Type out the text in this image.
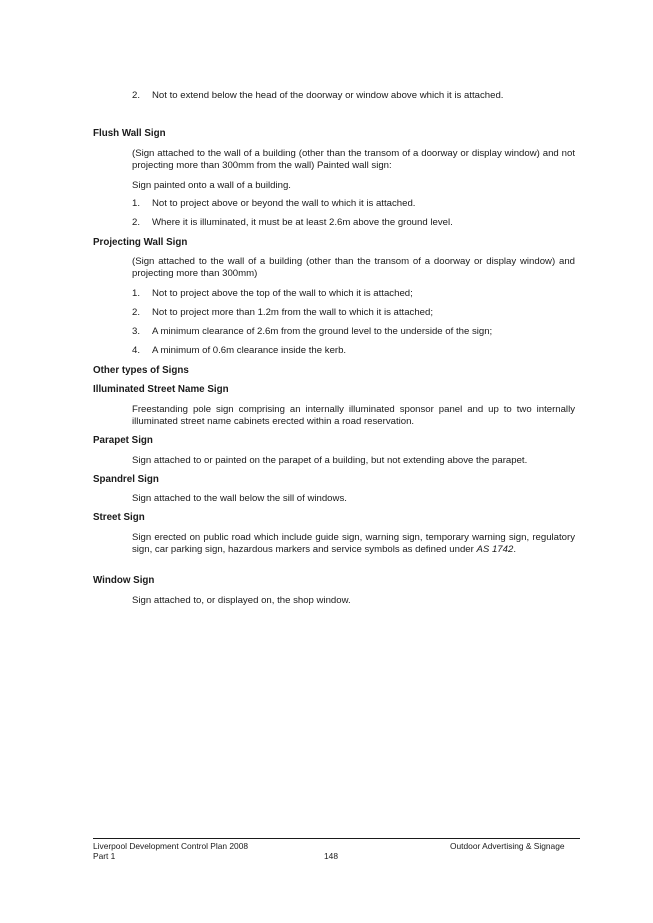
2. Not to extend below the head of the doorway or window above which it is attached.
Flush Wall Sign

(Sign attached to the wall of a building (other than the transom of a doorway or display window) and not projecting more than 300mm from the wall) Painted wall sign:

Sign painted onto a wall of a building.

1. Not to project above or beyond the wall to which it is attached.
2. Where it is illuminated, it must be at least 2.6m above the ground level.
Projecting Wall Sign

(Sign attached to the wall of a building (other than the transom of a doorway or display window) and projecting more than 300mm)

1. Not to project above the top of the wall to which it is attached;
2. Not to project more than 1.2m from the wall to which it is attached;
3. A minimum clearance of 2.6m from the ground level to the underside of the sign;
4. A minimum of 0.6m clearance inside the kerb.
Other types of Signs
Illuminated Street Name Sign

Freestanding pole sign comprising an internally illuminated sponsor panel and up to two internally illuminated street name cabinets erected within a road reservation.

Parapet Sign

Sign attached to or painted on the parapet of a building, but not extending above the parapet.

Spandrel Sign

Sign attached to the wall below the sill of windows.

Street Sign

Sign erected on public road which include guide sign, warning sign, temporary warning sign, regulatory sign, car parking sign, hazardous markers and service symbols as defined under AS 1742.

Window Sign

Sign attached to, or displayed on, the shop window.

Liverpool Development Control Plan 2008
Part 1	148
Outdoor Advertising & Signage
